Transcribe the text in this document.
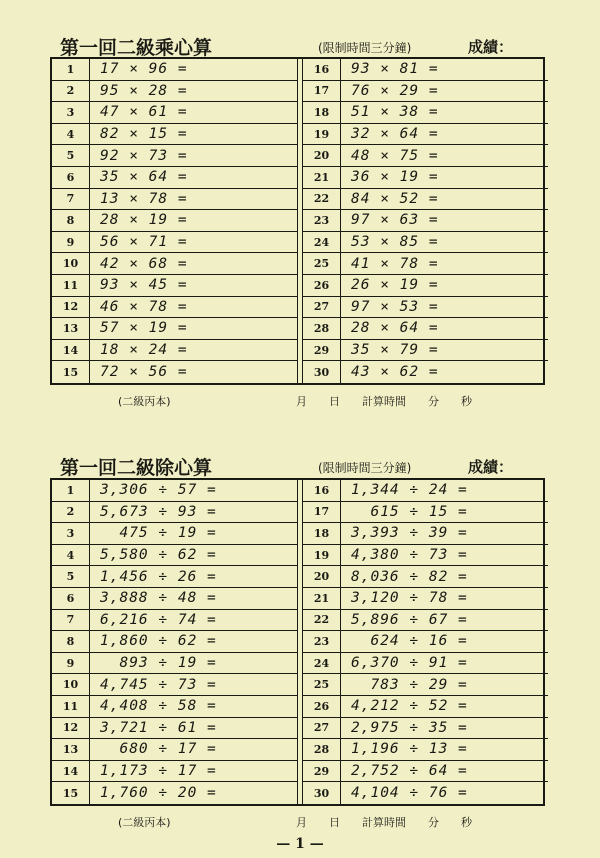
第一回二級乘心算	(限制時間三分鐘)	成績：
1	17 × 96 =
2	95 × 28 =
3	47 × 61 =
4	82 × 15 =
5	92 × 73 =
6	35 × 64 =
7	13 × 78 =
8	28 × 19 =
9	56 × 71 =
10	42 × 68 =
11	93 × 45 =
12	46 × 78 =
13	57 × 19 =
14	18 × 24 =
15	72 × 56 =
16	93 × 81 =
17	76 × 29 =
18	51 × 38 =
19	32 × 64 =
20	48 × 75 =
21	36 × 19 =
22	84 × 52 =
23	97 × 63 =
24	53 × 85 =
25	41 × 78 =
26	26 × 19 =
27	97 × 53 =
28	28 × 64 =
29	35 × 79 =
30	43 × 62 =
(二級丙本)	月　　日　　計算時間　　分　　秒
第一回二級除心算	(限制時間三分鐘)	成績：
1	3,306 ÷ 57 =
2	5,673 ÷ 93 =
3	475 ÷ 19 =
4	5,580 ÷ 62 =
5	1,456 ÷ 26 =
6	3,888 ÷ 48 =
7	6,216 ÷ 74 =
8	1,860 ÷ 62 =
9	893 ÷ 19 =
10	4,745 ÷ 73 =
11	4,408 ÷ 58 =
12	3,721 ÷ 61 =
13	680 ÷ 17 =
14	1,173 ÷ 17 =
15	1,760 ÷ 20 =
16	1,344 ÷ 24 =
17	615 ÷ 15 =
18	3,393 ÷ 39 =
19	4,380 ÷ 73 =
20	8,036 ÷ 82 =
21	3,120 ÷ 78 =
22	5,896 ÷ 67 =
23	624 ÷ 16 =
24	6,370 ÷ 91 =
25	783 ÷ 29 =
26	4,212 ÷ 52 =
27	2,975 ÷ 35 =
28	1,196 ÷ 13 =
29	2,752 ÷ 64 =
30	4,104 ÷ 76 =
(二級丙本)	月　　日　　計算時間　　分　　秒
— 1 —
